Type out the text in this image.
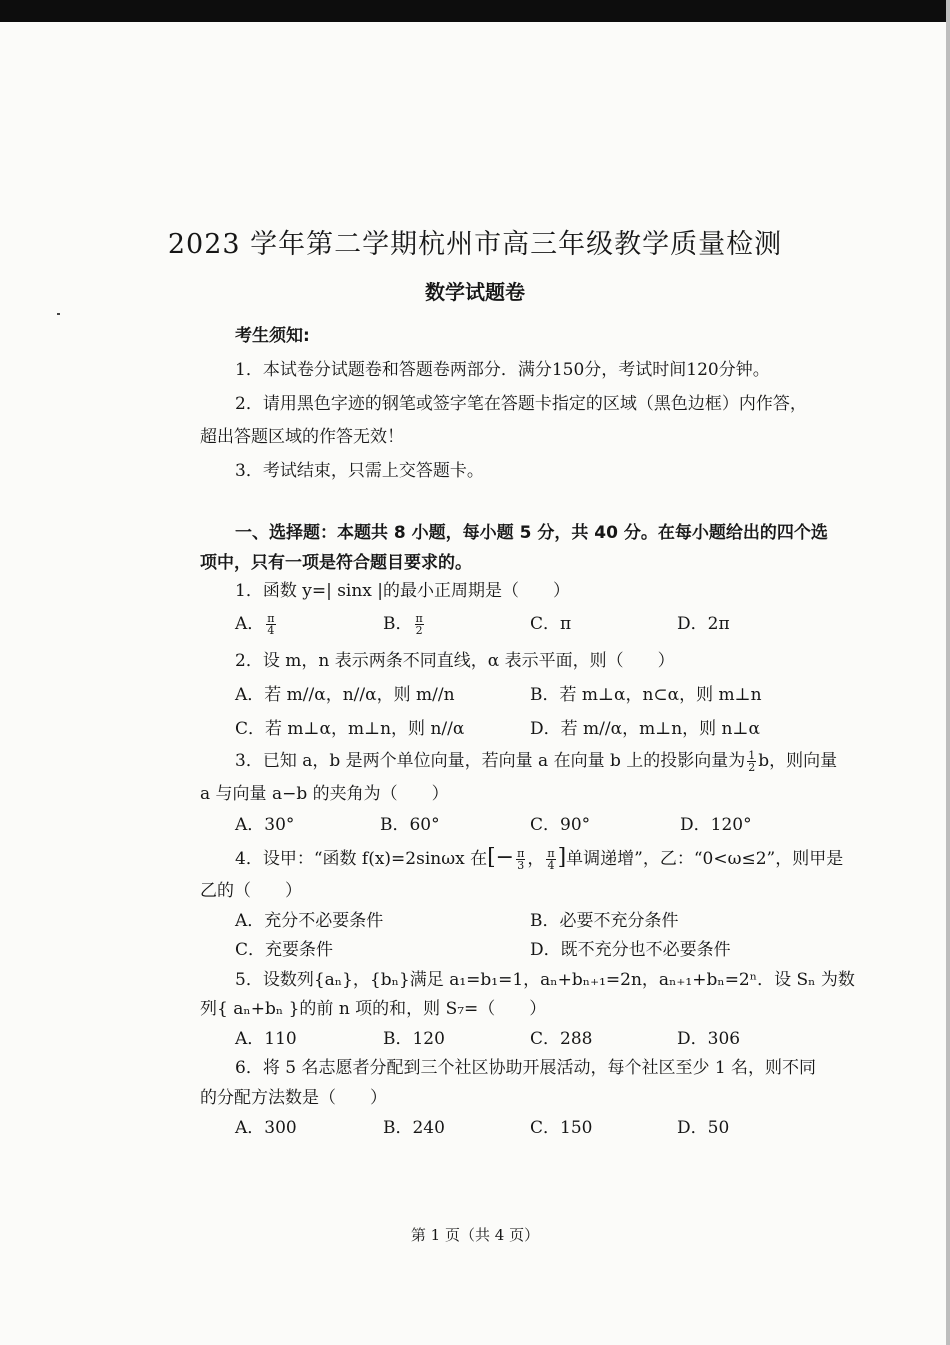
2023 学年第二学期杭州市高三年级教学质量检测
数学试题卷
考生须知:
1．本试卷分试题卷和答题卷两部分．满分150分，考试时间120分钟。
2．请用黑色字迹的钢笔或签字笔在答题卡指定的区域（黑色边框）内作答，
超出答题区域的作答无效！
3．考试结束，只需上交答题卡。
一、选择题：本题共 8 小题，每小题 5 分，共 40 分。在每小题给出的四个选
项中，只有一项是符合题目要求的。
1．函数 y=| sinx |的最小正周期是（　　）
A． $\frac{\pi}{4}$	B． $\frac{\pi}{2}$	C．π	D．2π
2．设 m，n 表示两条不同直线，α 表示平面，则（　　）
A．若 m//α，n//α，则 m//n	B．若 m⊥α，n⊂α，则 m⊥n
C．若 m⊥α，m⊥n，则 n//α	D．若 m//α，m⊥n，则 n⊥α
3．已知 a，b 是两个单位向量，若向量 a 在向量 b 上的投影向量为 $\frac{1}{2}$ b，则向量
a 与向量 a−b 的夹角为（　　）
A．30°	B．60°	C．90°	D．120°
4．设甲：“函数 f(x)=2sinωx 在[− $\frac{\pi}{3}$ ， $\frac{\pi}{4}$ ]单调递增”，乙：“0<ω≤2”，则甲是
乙的（　　）
A．充分不必要条件	B．必要不充分条件
C．充要条件	D．既不充分也不必要条件
5．设数列{aₙ}，{bₙ}满足 a₁=b₁=1，aₙ+bₙ₊₁=2n，aₙ₊₁+bₙ=2ⁿ．设 Sₙ 为数
列{ aₙ+bₙ }的前 n 项的和，则 S₇=（　　）
A．110	B．120	C．288	D．306
6．将 5 名志愿者分配到三个社区协助开展活动，每个社区至少 1 名，则不同
的分配方法数是（　　）
A．300	B．240	C．150	D．50
第 1 页（共 4 页）
